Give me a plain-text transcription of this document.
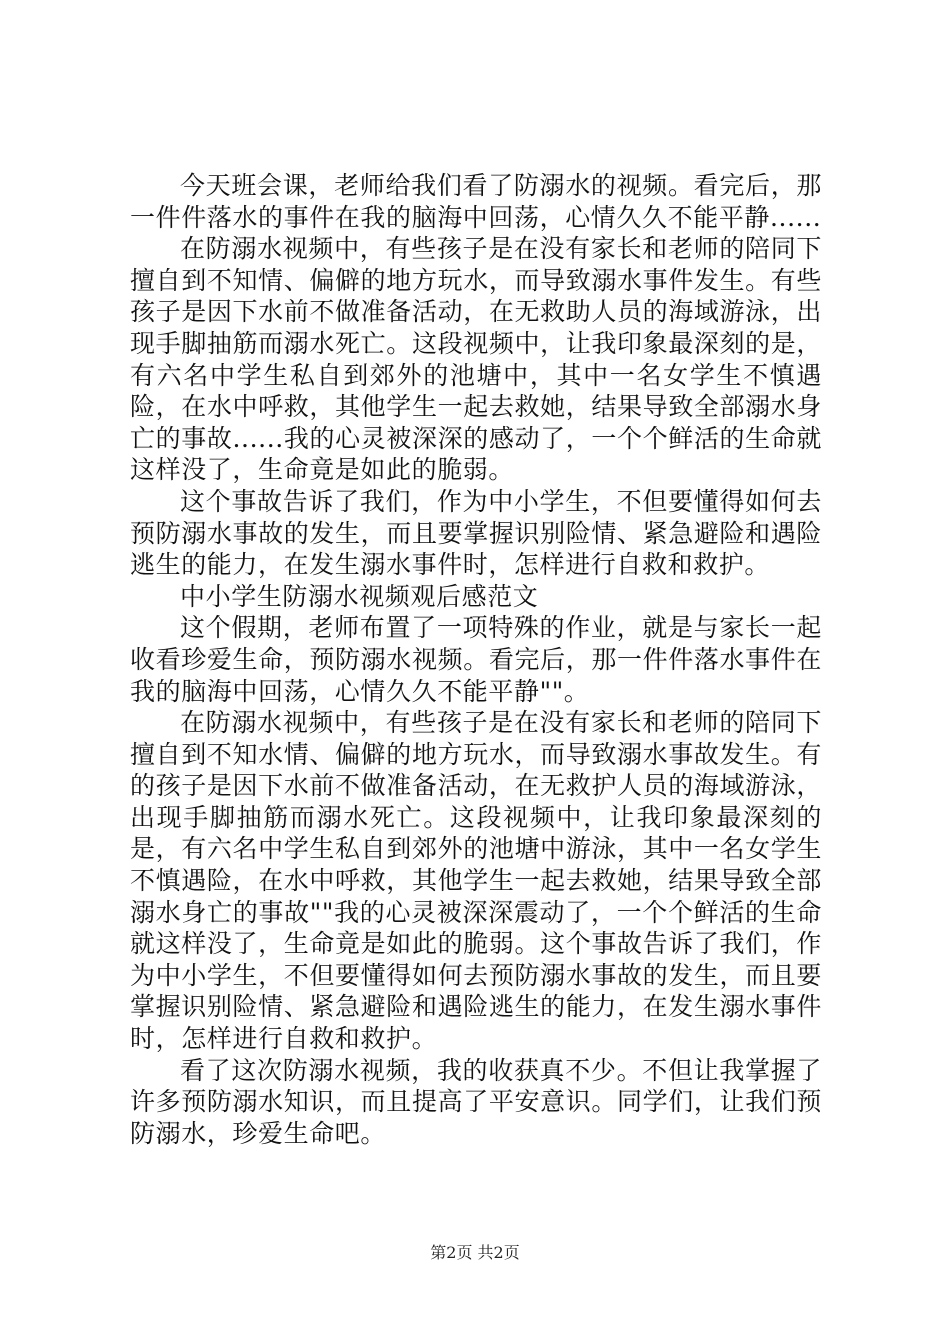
今天班会课，老师给我们看了防溺水的视频。看完后，那一件件落水的事件在我的脑海中回荡，心情久久不能平静......

在防溺水视频中，有些孩子是在没有家长和老师的陪同下擅自到不知情、偏僻的地方玩水，而导致溺水事件发生。有些孩子是因下水前不做准备活动，在无救助人员的海域游泳，出现手脚抽筋而溺水死亡。这段视频中，让我印象最深刻的是，有六名中学生私自到郊外的池塘中，其中一名女学生不慎遇险，在水中呼救，其他学生一起去救她，结果导致全部溺水身亡的事故......我的心灵被深深的感动了，一个个鲜活的生命就这样没了，生命竟是如此的脆弱。

这个事故告诉了我们，作为中小学生，不但要懂得如何去预防溺水事故的发生，而且要掌握识别险情、紧急避险和遇险逃生的能力，在发生溺水事件时，怎样进行自救和救护。

中小学生防溺水视频观后感范文

这个假期，老师布置了一项特殊的作业，就是与家长一起收看珍爱生命，预防溺水视频。看完后，那一件件落水事件在我的脑海中回荡，心情久久不能平静""。

在防溺水视频中，有些孩子是在没有家长和老师的陪同下擅自到不知水情、偏僻的地方玩水，而导致溺水事故发生。有的孩子是因下水前不做准备活动，在无救护人员的海域游泳，出现手脚抽筋而溺水死亡。这段视频中，让我印象最深刻的是，有六名中学生私自到郊外的池塘中游泳，其中一名女学生不慎遇险，在水中呼救，其他学生一起去救她，结果导致全部溺水身亡的事故""我的心灵被深深震动了，一个个鲜活的生命就这样没了，生命竟是如此的脆弱。这个事故告诉了我们，作为中小学生，不但要懂得如何去预防溺水事故的发生，而且要掌握识别险情、紧急避险和遇险逃生的能力，在发生溺水事件时，怎样进行自救和救护。

看了这次防溺水视频，我的收获真不少。不但让我掌握了许多预防溺水知识，而且提高了平安意识。同学们，让我们预防溺水，珍爱生命吧。

第2页 共2页
